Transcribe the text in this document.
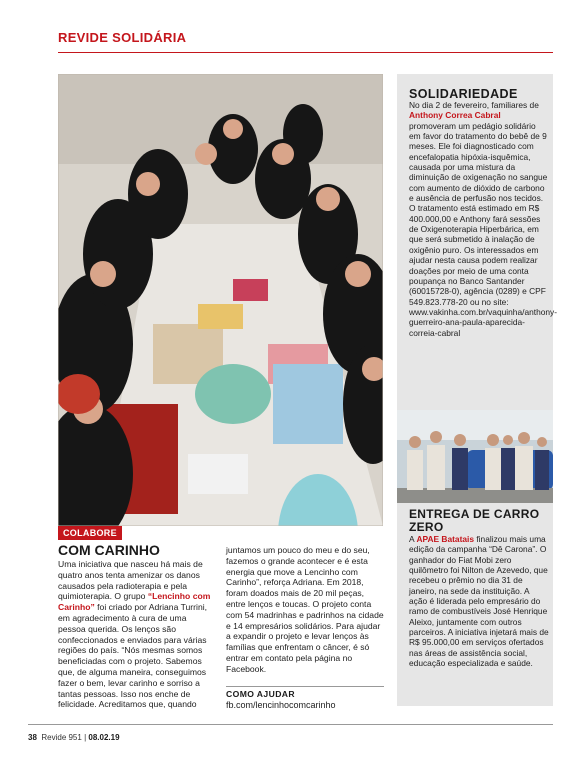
REVIDE SOLIDÁRIA
COLABORE
COM CARINHO
Uma iniciativa que nasceu há mais de quatro anos tenta amenizar os danos causados pela radioterapia e pela quimioterapia. O grupo “Lencinho com Carinho” foi criado por Adriana Turrini, em agradecimento à cura de uma pessoa querida. Os lenços são confeccionados e enviados para várias regiões do país. “Nós mesmas somos beneficiadas com o projeto. Sabemos que, de alguma maneira, conseguimos fazer o bem, levar carinho e sorriso a tantas pessoas. Isso nos enche de felicidade. Acreditamos que, quando
juntamos um pouco do meu e do seu, fazemos o grande acontecer e é esta energia que move a Lencinho com Carinho”, reforça Adriana. Em 2018, foram doados mais de 20 mil peças, entre lenços e toucas. O projeto conta com 54 madrinhas e padrinhos na cidade e 14 empresários solidários. Para ajudar a expandir o projeto e levar lenços às famílias que enfrentam o câncer, é só entrar em contato pela página no Facebook.
COMO AJUDAR
fb.com/lencinhocomcarinho
SOLIDARIEDADE
No dia 2 de fevereiro, familiares de Anthony Correa Cabral promoveram um pedágio solidário em favor do tratamento do bebê de 9 meses. Ele foi diagnosticado com encefalopatia hipóxia-isquêmica, causada por uma mistura da diminuição de oxigenação no sangue com aumento de dióxido de carbono e ausência de perfusão nos tecidos. O tratamento está estimado em R$ 400.000,00 e Anthony fará sessões de Oxigenoterapia Hiperbárica, em que será submetido à inalação de oxigênio puro. Os interessados em ajudar nesta causa podem realizar doações por meio de uma conta poupança no Banco Santander (60015728-0), agência (0289) e CPF 549.823.778-20 ou no site: www.vakinha.com.br/vaquinha/anthony-guerreiro-ana-paula-aparecida-correia-cabral
ENTREGA DE CARRO ZERO
A APAE Batatais finalizou mais uma edição da campanha “Dê Carona”. O ganhador do Fiat Mobi zero quilômetro foi Nilton de Azevedo, que recebeu o prêmio no dia 31 de janeiro, na sede da instituição. A ação é liderada pelo empresário do ramo de combustíveis José Henrique Aleixo, juntamente com outros parceiros. A iniciativa injetará mais de R$ 95.000,00 em serviços ofertados nas áreas de assistência social, educação especializada e saúde.
38 Revide 951 | 08.02.19
